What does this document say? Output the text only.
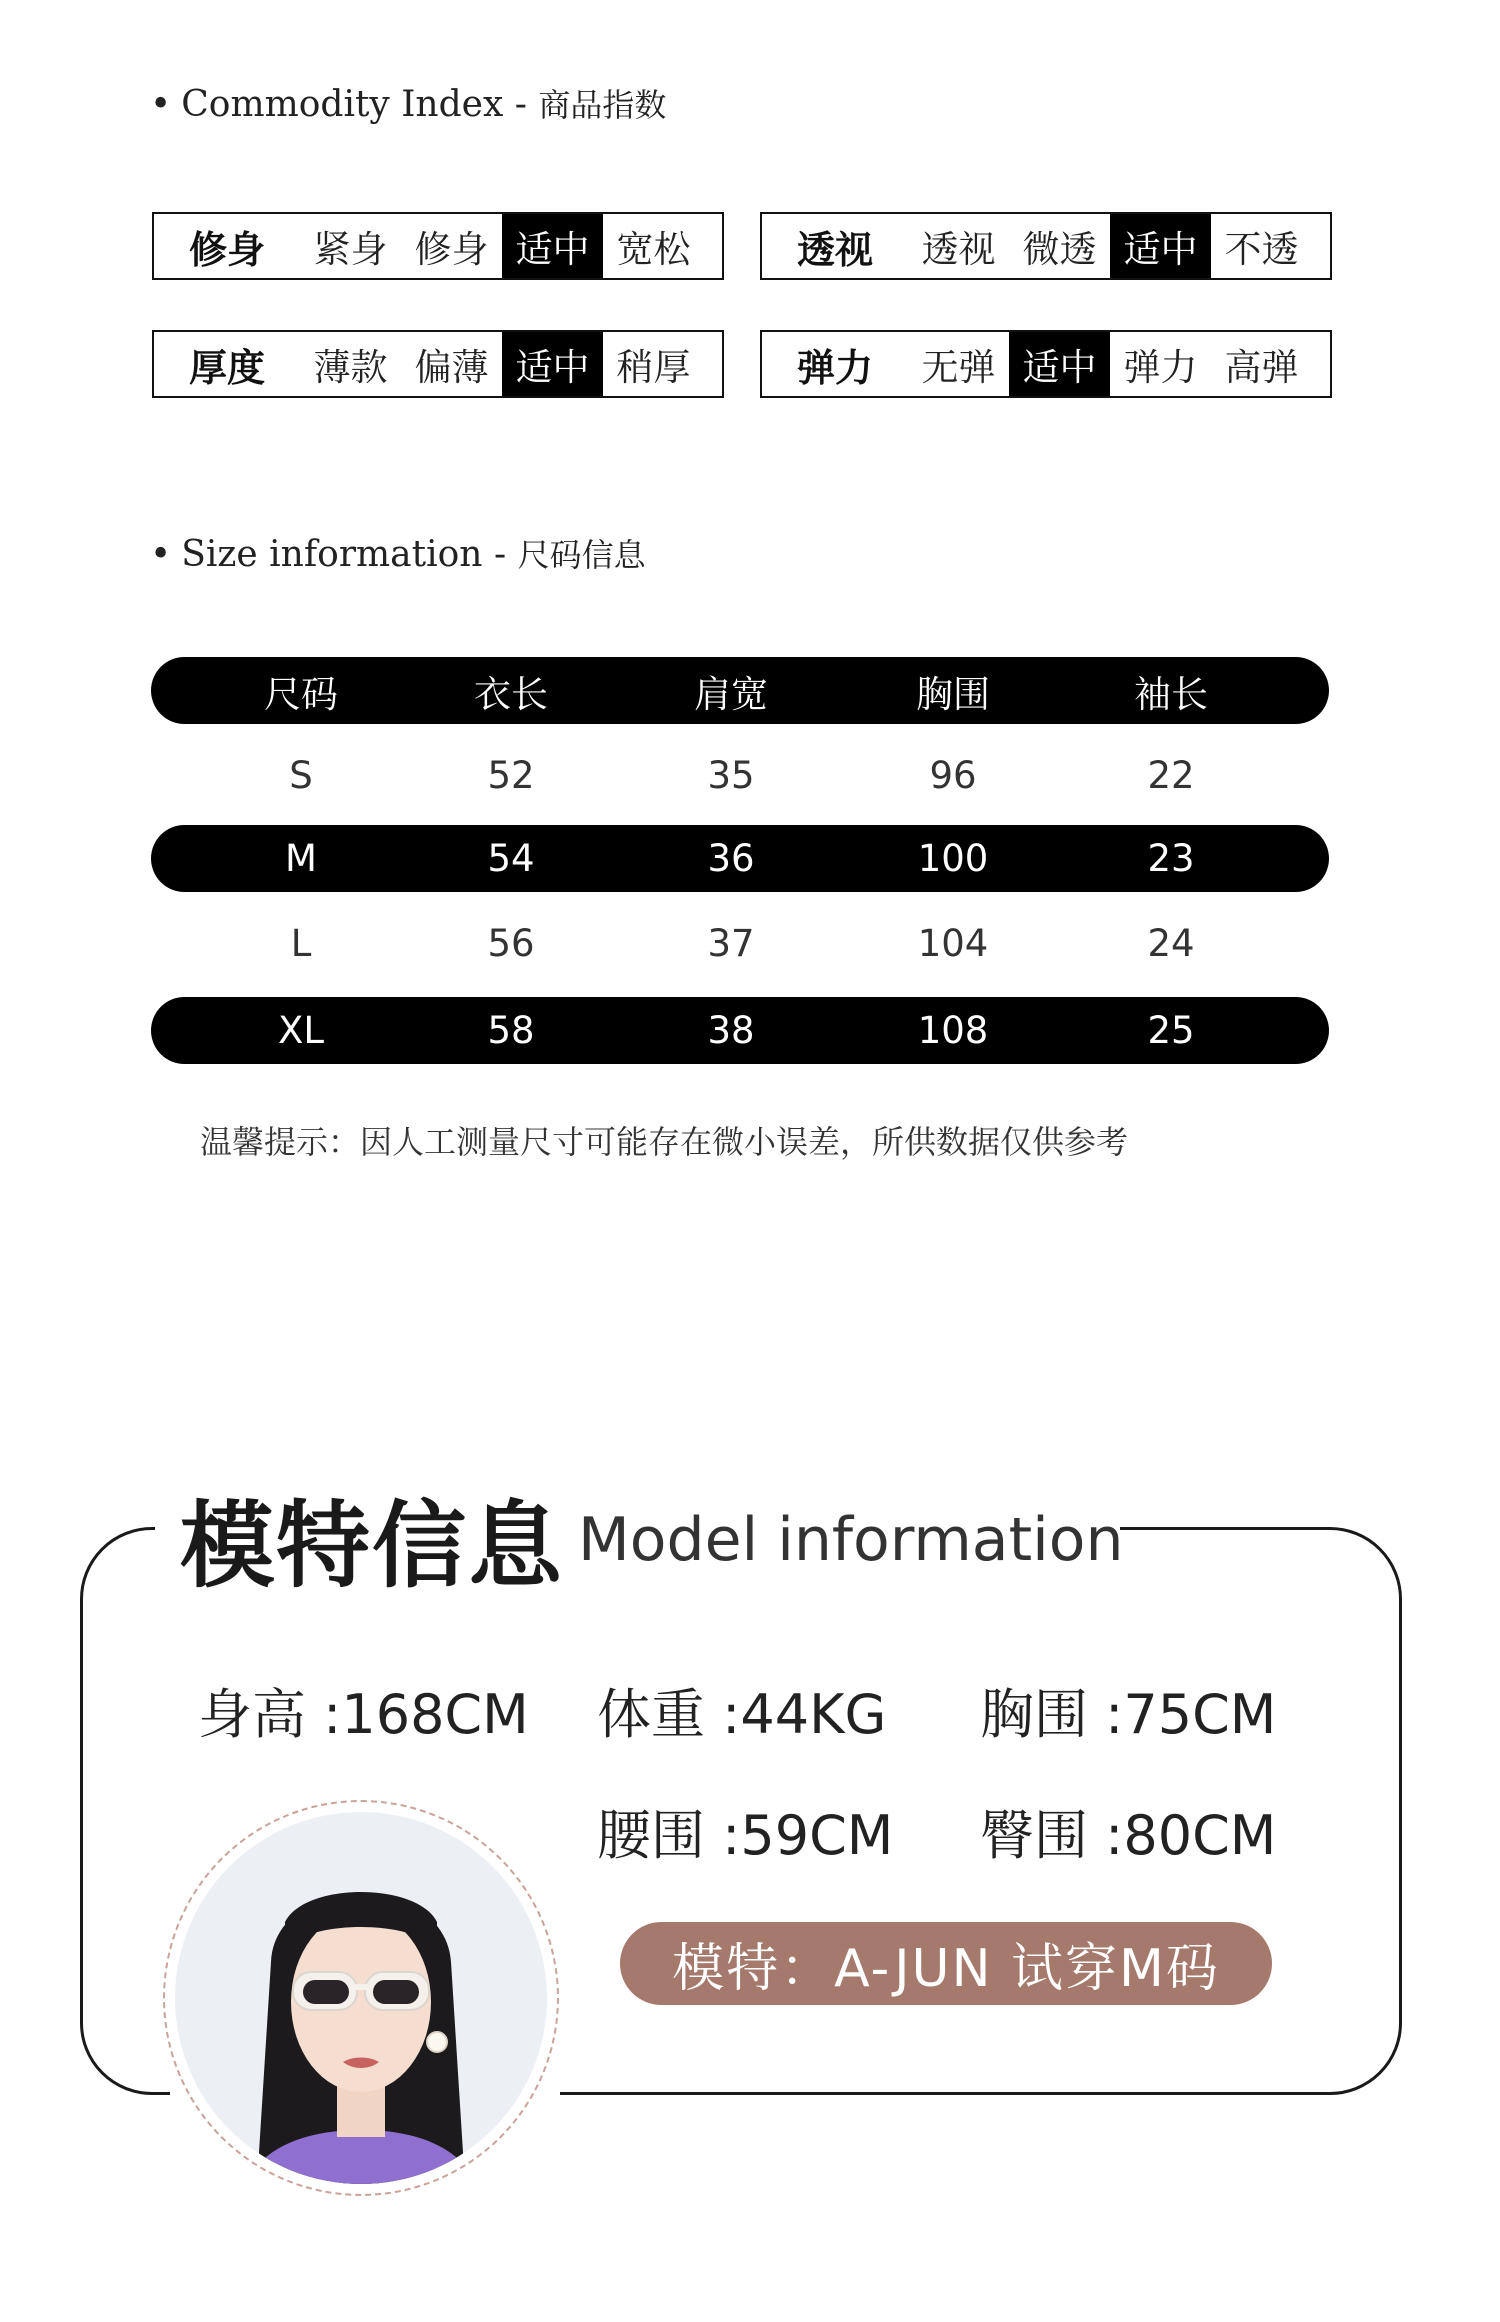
• Commodity Index - 商品指数
修身	紧身 修身 适中 宽松	透视	透视 微透 适中 不透
厚度	薄款 偏薄 适中 稍厚	弹力	无弹 适中 弹力 高弹
• Size information - 尺码信息
尺码	衣长	肩宽	胸围	袖长
S	52	35	96	22
M	54	36	100	23
L	56	37	104	24
XL	58	38	108	25
温馨提示：因人工测量尺寸可能存在微小误差，所供数据仅供参考
模特信息 Model information
身高 :168CM 体重 :44KG 胸围 :75CM
腰围 :59CM 臀围 :80CM
模特：A-JUN 试穿M码
